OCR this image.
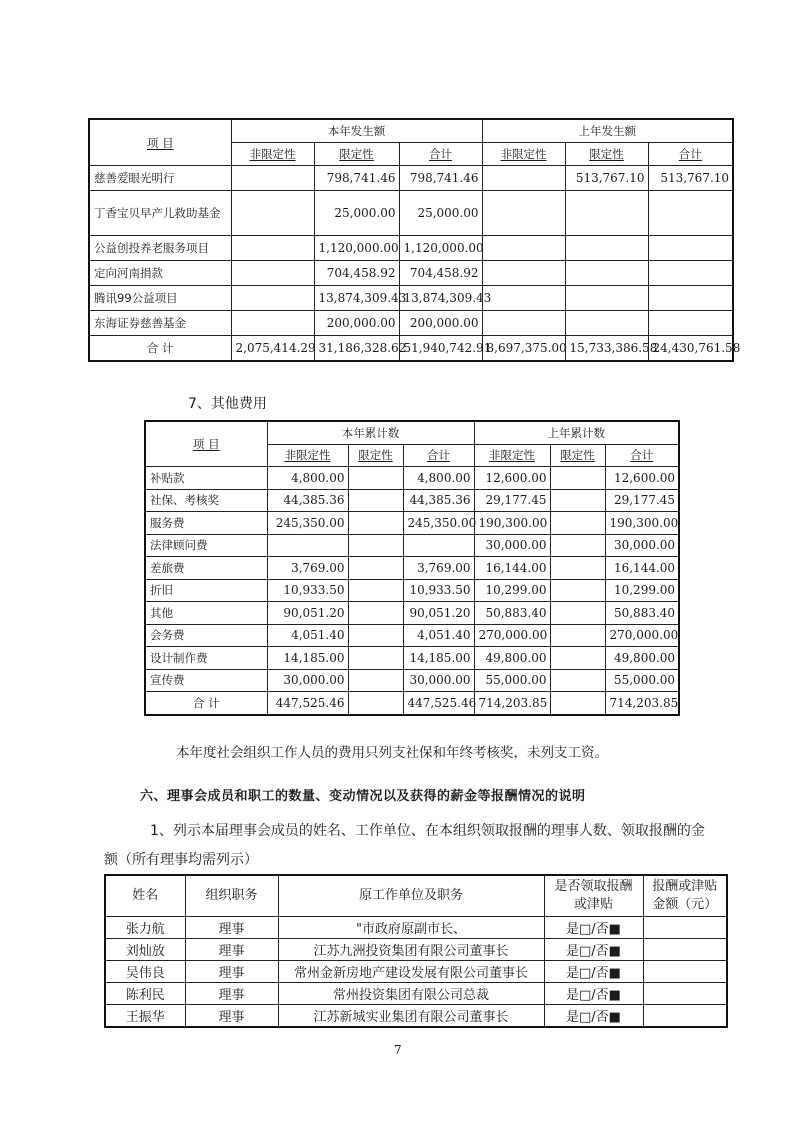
项 目	本年发生额			上年发生额		
	非限定性	限定性	合计	非限定性	限定性	合计
慈善爱眼光明行		798,741.46	798,741.46		513,767.10	513,767.10
丁香宝贝早产儿救助基金		25,000.00	25,000.00			
公益创投养老服务项目		1,120,000.00	1,120,000.00			
定向河南捐款		704,458.92	704,458.92			
腾讯99公益项目		13,874,309.43	13,874,309.43			
东海证券慈善基金		200,000.00	200,000.00			
合 计	2,075,414.29	31,186,328.62	51,940,742.91	8,697,375.00	15,733,386.58	24,430,761.58
7、其他费用
项 目	本年累计数			上年累计数		
	非限定性	限定性	合计	非限定性	限定性	合计
补贴款	4,800.00		4,800.00	12,600.00		12,600.00
社保、考核奖	44,385.36		44,385.36	29,177.45		29,177.45
服务费	245,350.00		245,350.00	190,300.00		190,300.00
法律顾问费				30,000.00		30,000.00
差旅费	3,769.00		3,769.00	16,144.00		16,144.00
折旧	10,933.50		10,933.50	10,299.00		10,299.00
其他	90,051.20		90,051.20	50,883.40		50,883.40
会务费	4,051.40		4,051.40	270,000.00		270,000.00
设计制作费	14,185.00		14,185.00	49,800.00		49,800.00
宣传费	30,000.00		30,000.00	55,000.00		55,000.00
合 计	447,525.46		447,525.46	714,203.85		714,203.85
本年度社会组织工作人员的费用只列支社保和年终考核奖，未列支工资。
六、理事会成员和职工的数量、变动情况以及获得的薪金等报酬情况的说明
1、列示本届理事会成员的姓名、工作单位、在本组织领取报酬的理事人数、领取报酬的金
额（所有理事均需列示）
姓名	组织职务	原工作单位及职务	是否领取报酬或津贴	报酬或津贴金额（元）
张力航	理事	"市政府原副市长、	是□/否■	
刘灿放	理事	江苏九洲投资集团有限公司董事长	是□/否■	
吴伟良	理事	常州金新房地产建设发展有限公司董事长	是□/否■	
陈利民	理事	常州投资集团有限公司总裁	是□/否■	
王振华	理事	江苏新城实业集团有限公司董事长	是□/否■	
7
